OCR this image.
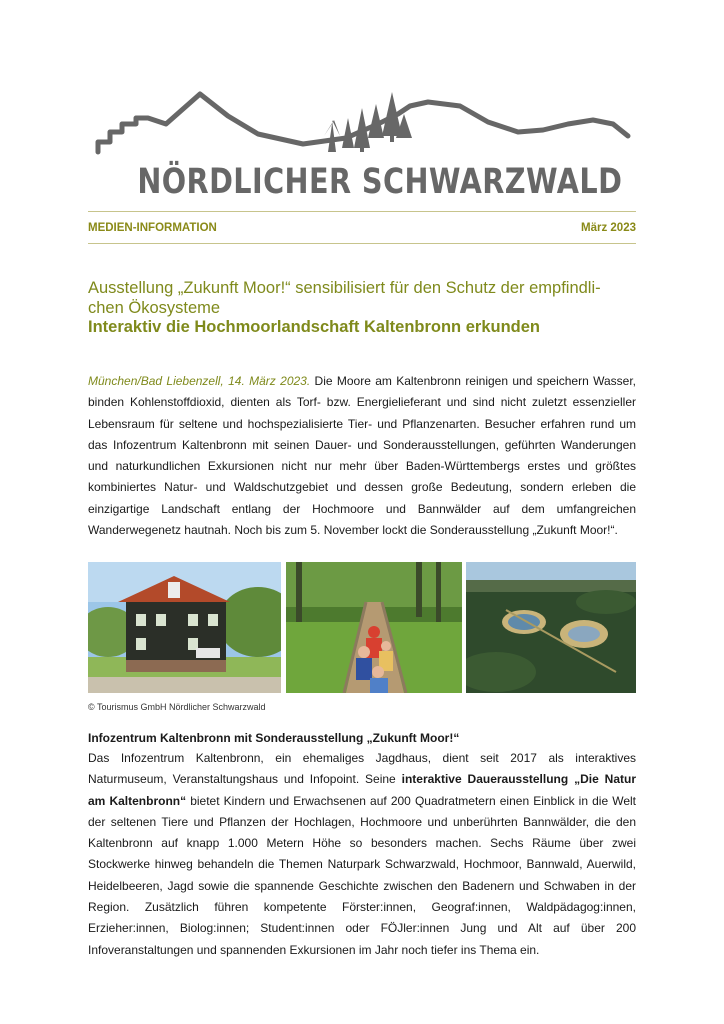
NÖRDLICHER SCHWARZWALD
MEDIEN-INFORMATION	März 2023
Ausstellung „Zukunft Moor!“ sensibilisiert für den Schutz der empfindli-chen Ökosysteme
Interaktiv die Hochmoorlandschaft Kaltenbronn erkunden
München/Bad Liebenzell, 14. März 2023. Die Moore am Kaltenbronn reinigen und speichern Wasser, binden Kohlenstoffdioxid, dienten als Torf- bzw. Energielieferant und sind nicht zuletzt essenzieller Lebensraum für seltene und hochspezialisierte Tier- und Pflanzenarten. Besucher erfahren rund um das Infozentrum Kaltenbronn mit seinen Dauer- und Sonderausstellungen, geführten Wanderungen und naturkundlichen Exkursionen nicht nur mehr über Baden-Württembergs erstes und größtes kombiniertes Natur- und Waldschutzgebiet und dessen große Bedeutung, sondern erleben die einzigartige Landschaft entlang der Hochmoore und Bannwälder auf dem umfangreichen Wanderwegenetz hautnah. Noch bis zum 5. November lockt die Sonderausstellung „Zukunft Moor!“.
© Tourismus GmbH Nördlicher Schwarzwald
Infozentrum Kaltenbronn mit Sonderausstellung „Zukunft Moor!“
Das Infozentrum Kaltenbronn, ein ehemaliges Jagdhaus, dient seit 2017 als interaktives Naturmuseum, Veranstaltungshaus und Infopoint. Seine interaktive Dauerausstellung „Die Natur am Kaltenbronn“ bietet Kindern und Erwachsenen auf 200 Quadratmetern einen Einblick in die Welt der seltenen Tiere und Pflanzen der Hochlagen, Hochmoore und unberührten Bannwälder, die den Kaltenbronn auf knapp 1.000 Metern Höhe so besonders machen. Sechs Räume über zwei Stockwerke hinweg behandeln die Themen Naturpark Schwarzwald, Hochmoor, Bannwald, Auerwild, Heidelbeeren, Jagd sowie die spannende Geschichte zwischen den Badenern und Schwaben in der Region. Zusätzlich führen kompetente Förster:innen, Geograf:innen, Waldpädagog:innen, Erzieher:innen, Biolog:innen; Student:innen oder FÖJler:innen Jung und Alt auf über 200 Infoveranstaltungen und spannenden Exkursionen im Jahr noch tiefer ins Thema ein.
